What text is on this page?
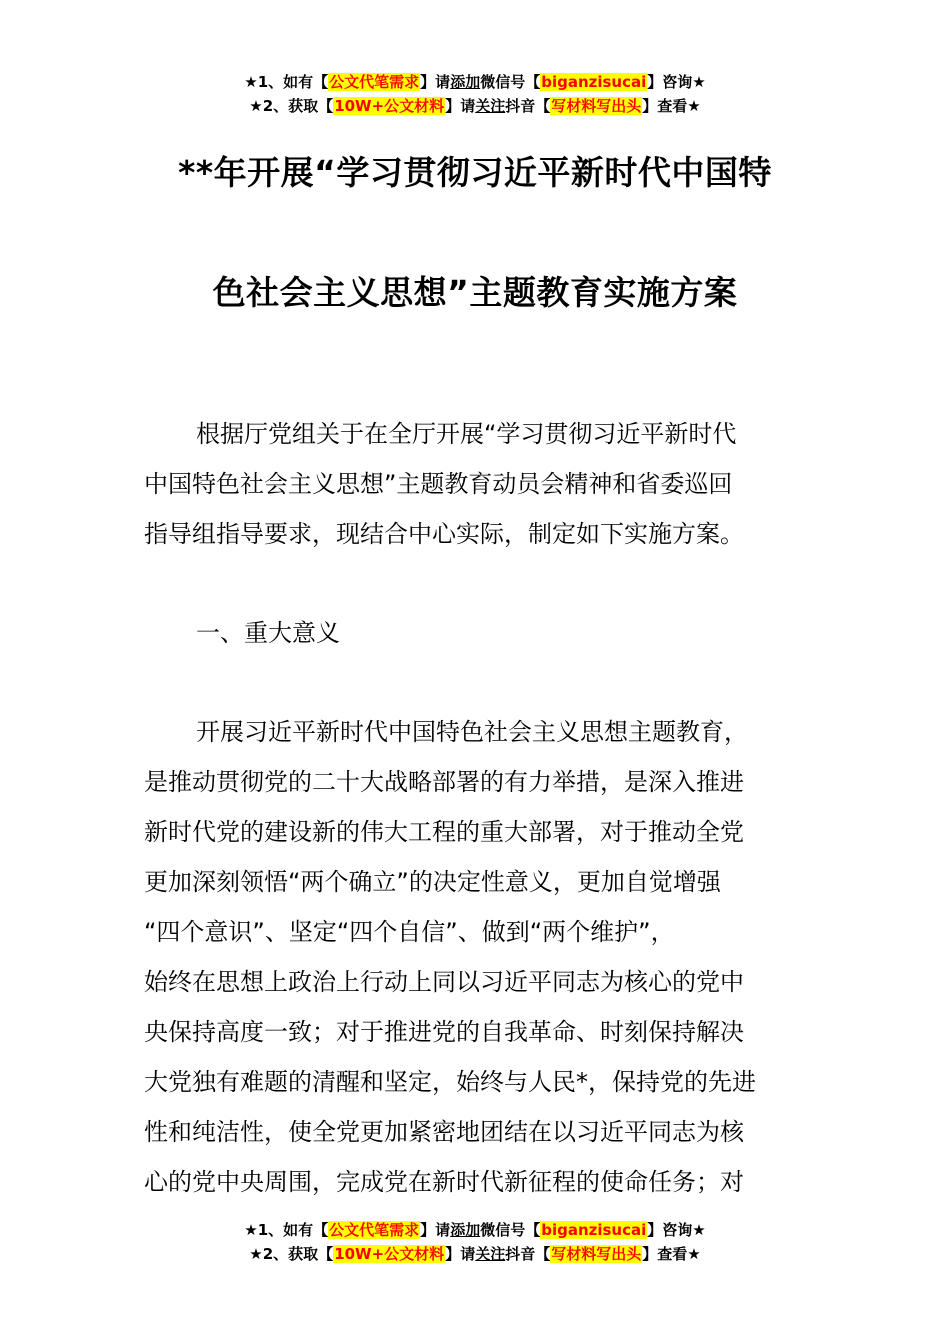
★1、如有【公文代笔需求】请添加微信号【biganzisucai】咨询★
★2、获取【10W+公文材料】请关注抖音【写材料写出头】查看★
**年开展“学习贯彻习近平新时代中国特
色社会主义思想”主题教育实施方案
根据厅党组关于在全厅开展“学习贯彻习近平新时代
中国特色社会主义思想”主题教育动员会精神和省委巡回
指导组指导要求，现结合中心实际，制定如下实施方案。
一、重大意义
开展习近平新时代中国特色社会主义思想主题教育，
是推动贯彻党的二十大战略部署的有力举措，是深入推进
新时代党的建设新的伟大工程的重大部署，对于推动全党
更加深刻领悟“两个确立”的决定性意义，更加自觉增强
“四个意识”、坚定“四个自信”、做到“两个维护”，
始终在思想上政治上行动上同以习近平同志为核心的党中
央保持高度一致；对于推进党的自我革命、时刻保持解决
大党独有难题的清醒和坚定，始终与人民*，保持党的先进
性和纯洁性，使全党更加紧密地团结在以习近平同志为核
心的党中央周围，完成党在新时代新征程的使命任务；对
★1、如有【公文代笔需求】请添加微信号【biganzisucai】咨询★
★2、获取【10W+公文材料】请关注抖音【写材料写出头】查看★
